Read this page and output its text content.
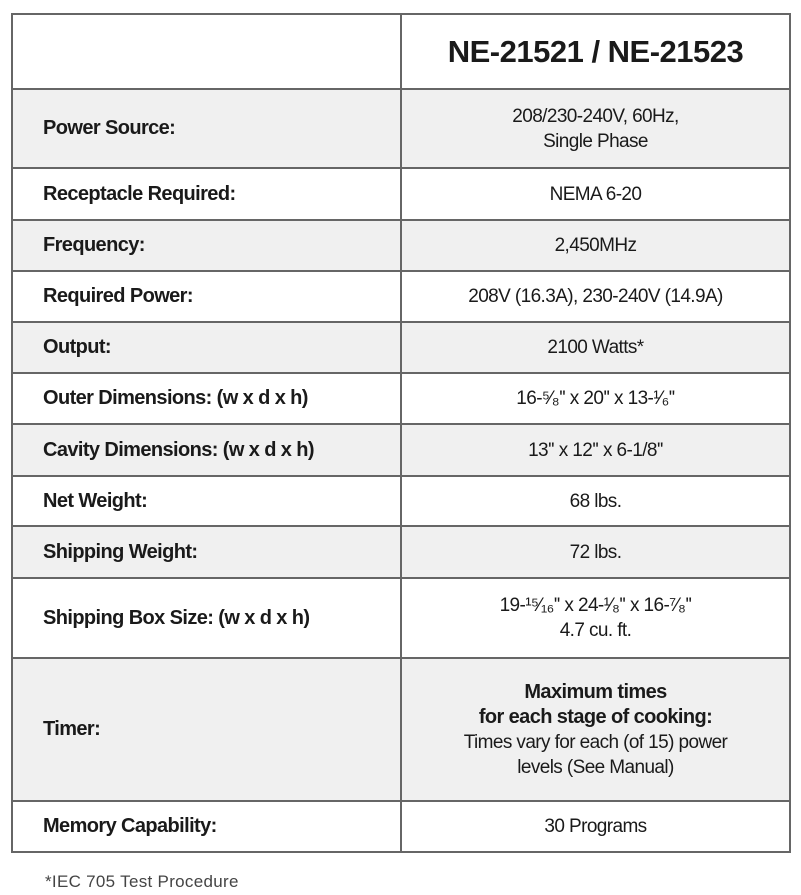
	NE-21521 / NE-21523
Power Source:	208/230-240V, 60Hz,
Single Phase

Receptacle Required:	NEMA 6-20
Frequency:	2,450MHz
Required Power:	208V (16.3A), 230-240V (14.9A)
Output:	2100 Watts*
Outer Dimensions: (w x d x h)	16-⁵⁄₈'' x 20'' x 13-¹⁄₆''
Cavity Dimensions: (w x d x h)	13'' x 12'' x 6-1/8''
Net Weight:	68 lbs.
Shipping Weight:	72 lbs.
Shipping Box Size: (w x d x h)	19-¹⁵⁄₁₆'' x 24-¹⁄₈'' x 16-⁷⁄₈''
4.7 cu. ft.

Timer:	Maximum times
for each stage of cooking:
Times vary for each (of 15) power
levels (See Manual)

Memory Capability:	30 Programs
*IEC 705 Test Procedure
